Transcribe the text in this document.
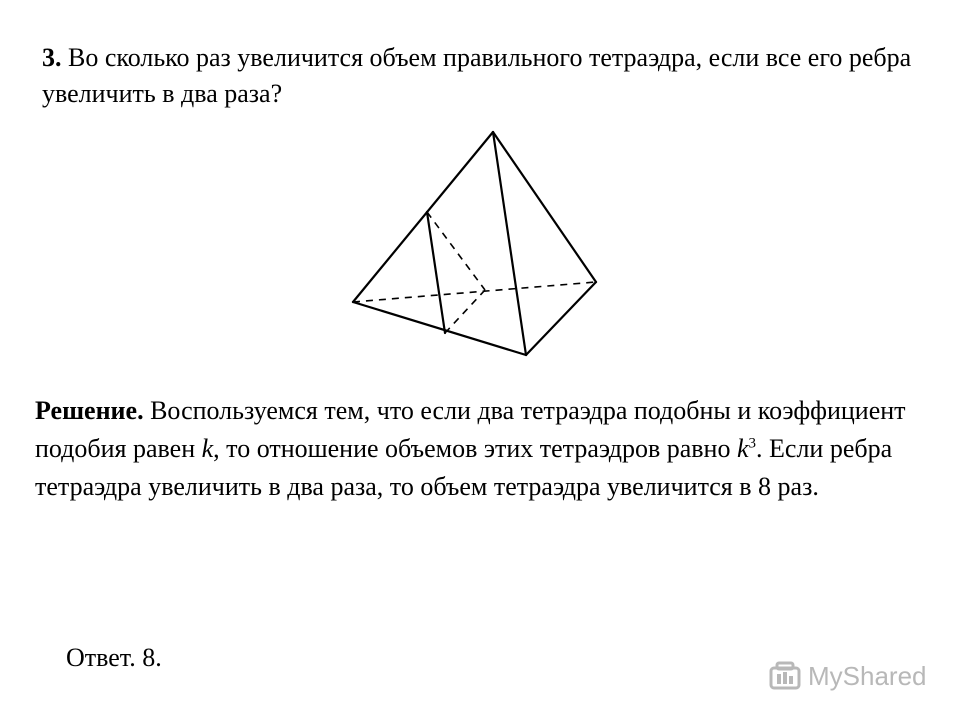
3. Во сколько раз увеличится объем правильного тетраэдра, если все его ребра увеличить в два раза?
Решение. Воспользуемся тем, что если два тетраэдра подобны и коэффициент подобия равен k, то отношение объемов этих тетраэдров равно $k^3$. Если ребра тетраэдра увеличить в два раза, то объем тетраэдра увеличится в 8 раз.
Ответ. 8.
MyShared
